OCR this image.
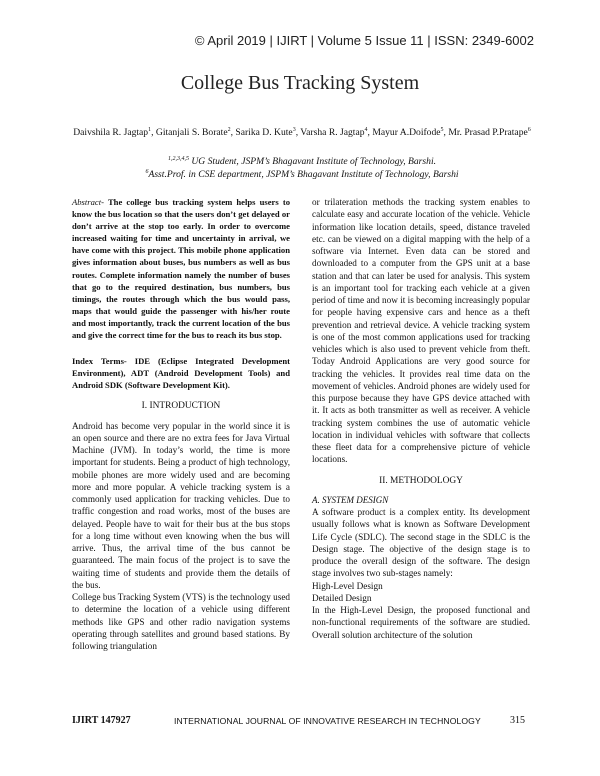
© April 2019 | IJIRT | Volume 5 Issue 11 | ISSN: 2349-6002
College Bus Tracking System
Daivshila R. Jagtap$^1$, Gitanjali S. Borate$^2$, Sarika D. Kute$^3$, Varsha R. Jagtap$^4$, Mayur A.Doifode$^5$, Mr. Prasad P.Pratape$^6$
$^{1,2,3,4,5}$ UG Student, JSPM’s Bhagavant Institute of Technology, Barshi.
$^6$Asst.Prof. in CSE department, JSPM’s Bhagavant Institute of Technology, Barshi

Abstract- The college bus tracking system helps users to know the bus location so that the users don’t get delayed or don’t arrive at the stop too early. In order to overcome increased waiting for time and uncertainty in arrival, we have come with this project. This mobile phone application gives information about buses, bus numbers as well as bus routes. Complete information namely the number of buses that go to the required destination, bus numbers, bus timings, the routes through which the bus would pass, maps that would guide the passenger with his/her route and most importantly, track the current location of the bus and give the correct time for the bus to reach its bus stop.

Index Terms- IDE (Eclipse Integrated Development Environment), ADT (Android Development Tools) and Android SDK (Software Development Kit).

I. INTRODUCTION

Android has become very popular in the world since it is an open source and there are no extra fees for Java Virtual Machine (JVM). In today’s world, the time is more important for students. Being a product of high technology, mobile phones are more widely used and are becoming more and more popular. A vehicle tracking system is a commonly used application for tracking vehicles. Due to traffic congestion and road works, most of the buses are delayed. People have to wait for their bus at the bus stops for a long time without even knowing when the bus will arrive. Thus, the arrival time of the bus cannot be guaranteed. The main focus of the project is to save the waiting time of students and provide them the details of the bus.

College bus Tracking System (VTS) is the technology used to determine the location of a vehicle using different methods like GPS and other radio navigation systems operating through satellites and ground based stations. By following triangulation

or trilateration methods the tracking system enables to calculate easy and accurate location of the vehicle. Vehicle information like location details, speed, distance traveled etc. can be viewed on a digital mapping with the help of a software via Internet. Even data can be stored and downloaded to a computer from the GPS unit at a base station and that can later be used for analysis. This system is an important tool for tracking each vehicle at a given period of time and now it is becoming increasingly popular for people having expensive cars and hence as a theft prevention and retrieval device. A vehicle tracking system is one of the most common applications used for tracking vehicles which is also used to prevent vehicle from theft. Today Android Applications are very good source for tracking the vehicles. It provides real time data on the movement of vehicles. Android phones are widely used for this purpose because they have GPS device attached with it. It acts as both transmitter as well as receiver. A vehicle tracking system combines the use of automatic vehicle location in individual vehicles with software that collects these fleet data for a comprehensive picture of vehicle locations.

II. METHODOLOGY

A. SYSTEM DESIGN

A software product is a complex entity. Its development usually follows what is known as Software Development Life Cycle (SDLC). The second stage in the SDLC is the Design stage. The objective of the design stage is to produce the overall design of the software. The design stage involves two sub-stages namely:

High-Level Design

Detailed Design

In the High-Level Design, the proposed functional and non-functional requirements of the software are studied. Overall solution architecture of the solution

IJIRT 147927	INTERNATIONAL JOURNAL OF INNOVATIVE RESEARCH IN TECHNOLOGY	315
